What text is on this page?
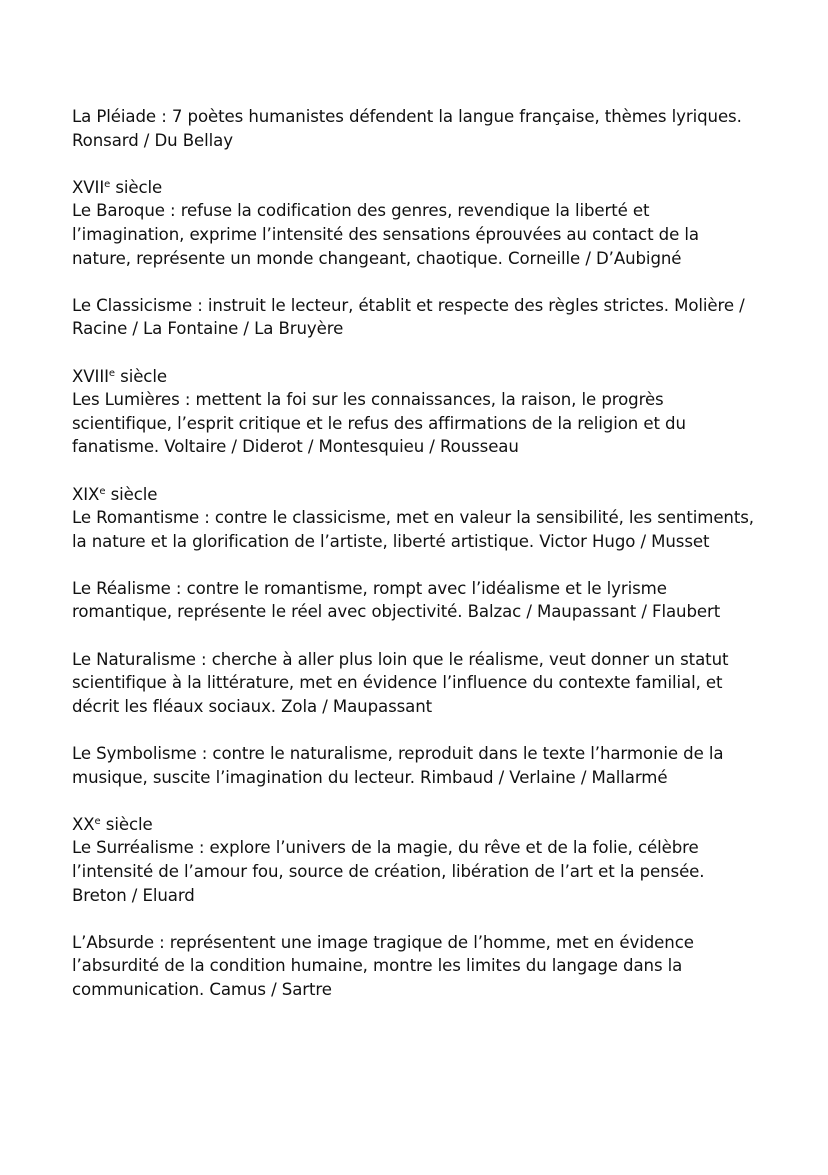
La Pléiade : 7 poètes humanistes défendent la langue française, thèmes lyriques. Ronsard / Du Bellay
XVIIe siècle
Le Baroque : refuse la codification des genres, revendique la liberté et l’imagination, exprime l’intensité des sensations éprouvées au contact de la nature, représente un monde changeant, chaotique. Corneille / D’Aubigné
Le Classicisme : instruit le lecteur, établit et respecte des règles strictes. Molière / Racine / La Fontaine / La Bruyère
XVIIIe siècle
Les Lumières : mettent la foi sur les connaissances, la raison, le progrès scientifique, l’esprit critique et le refus des affirmations de la religion et du fanatisme. Voltaire / Diderot / Montesquieu / Rousseau
XIXe siècle
Le Romantisme : contre le classicisme, met en valeur la sensibilité, les sentiments, la nature et la glorification de l’artiste, liberté artistique. Victor Hugo / Musset
Le Réalisme : contre le romantisme, rompt avec l’idéalisme et le lyrisme romantique, représente le réel avec objectivité. Balzac / Maupassant / Flaubert
Le Naturalisme : cherche à aller plus loin que le réalisme, veut donner un statut scientifique à la littérature, met en évidence l’influence du contexte familial, et décrit les fléaux sociaux. Zola / Maupassant
Le Symbolisme : contre le naturalisme, reproduit dans le texte l’harmonie de la musique, suscite l’imagination du lecteur. Rimbaud / Verlaine / Mallarmé
XXe siècle
Le Surréalisme : explore l’univers de la magie, du rêve et de la folie, célèbre l’intensité de l’amour fou, source de création, libération de l’art et la pensée. Breton / Eluard
L’Absurde : représentent une image tragique de l’homme, met en évidence l’absurdité de la condition humaine, montre les limites du langage dans la communication. Camus / Sartre
